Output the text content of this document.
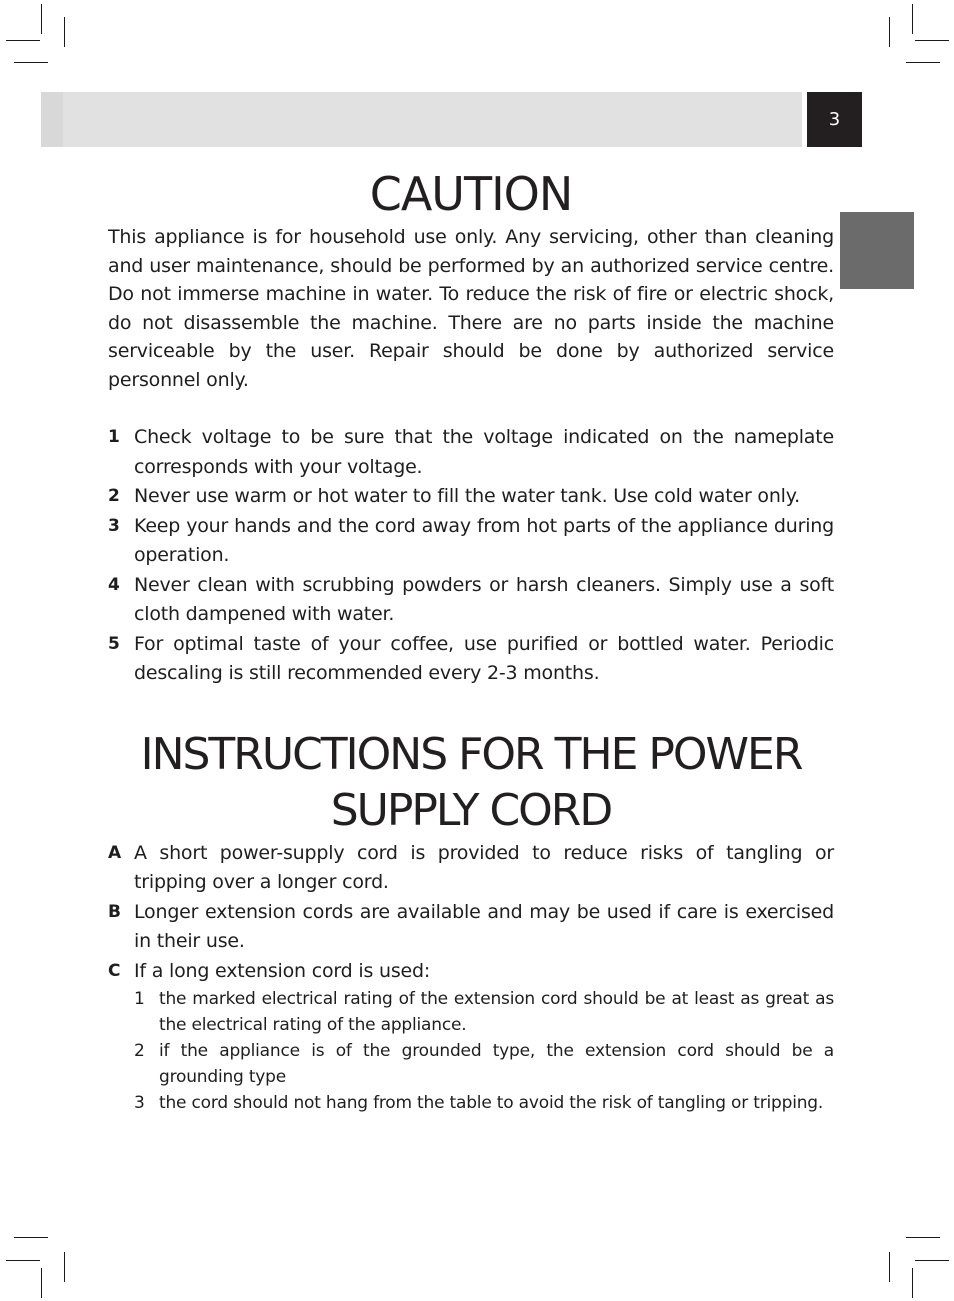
3
CAUTION

This appliance is for household use only. Any servicing, other than cleaning and user maintenance, should be performed by an authorized service centre. Do not immerse machine in water. To reduce the risk of fire or electric shock, do not disassemble the machine. There are no parts inside the machine serviceable by the user. Repair should be done by authorized service personnel only.

1 Check voltage to be sure that the voltage indicated on the nameplate corresponds with your voltage.
2 Never use warm or hot water to fill the water tank. Use cold water only.
3 Keep your hands and the cord away from hot parts of the appliance during operation.
4 Never clean with scrubbing powders or harsh cleaners. Simply use a soft cloth dampened with water.
5 For optimal taste of your coffee, use purified or bottled water. Periodic descaling is still recommended every 2-3 months.
INSTRUCTIONS FOR THE POWER
SUPPLY CORD
A A short power-supply cord is provided to reduce risks of tangling or tripping over a longer cord.
B Longer extension cords are available and may be used if care is exercised in their use.
C If a long extension cord is used:
1 the marked electrical rating of the extension cord should be at least as great as the electrical rating of the appliance.
2 if the appliance is of the grounded type, the extension cord should be a grounding type
3 the cord should not hang from the table to avoid the risk of tangling or tripping.
